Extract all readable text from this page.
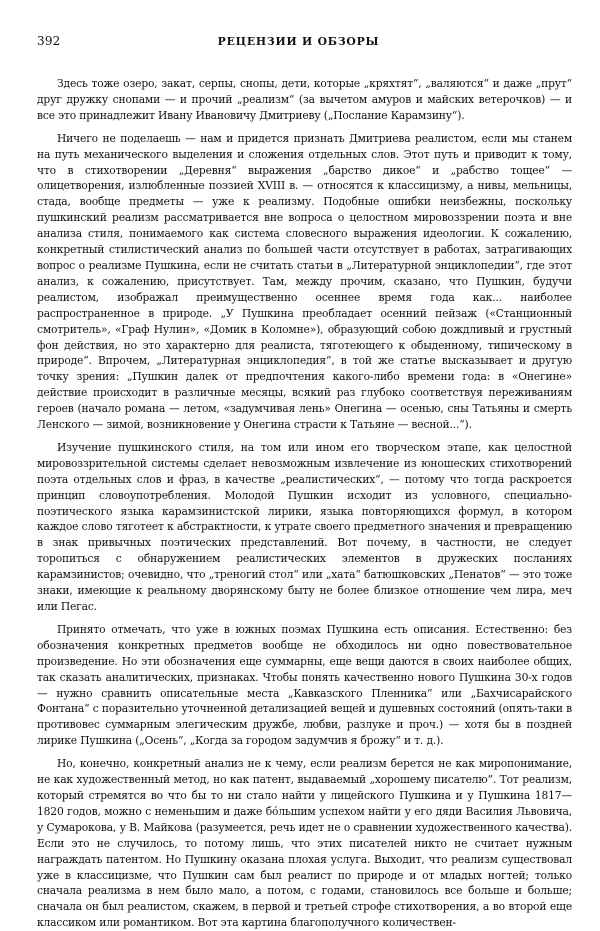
392	РЕЦЕНЗИИ И ОБЗОРЫ

Здесь тоже озеро, закат, серпы, снопы, дети, которые „кряхтят“, „валяются“ и даже „прут“ друг дружку снопами — и прочий „реализм“ (за вычетом амуров и майских ветерочков) — и все это принадлежит Ивану Ивановичу Дмитриеву („Послание Карамзину“).

Ничего не поделаешь — нам и придется признать Дмитриева реалистом, если мы станем на путь механического выделения и сложения отдельных слов. Этот путь и приводит к тому, что в стихотворении „Деревня“ выражения „барство дикое“ и „рабство тощее“ — олицетворения, излюбленные поэзией XVIII в. — относятся к классицизму, а нивы, мельницы, стада, вообще предметы — уже к реализму. Подобные ошибки неизбежны, поскольку пушкинский реализм рассматривается вне вопроса о целостном мировоззрении поэта и вне анализа стиля, понимаемого как система словесного выражения идеологии. К сожалению, конкретный стилистический анализ по большей части отсутствует в работах, затрагивающих вопрос о реализме Пушкина, если не считать статьи в „Литературной энциклопедии“, где этот анализ, к сожалению, присутствует. Там, между прочим, сказано, что Пушкин, будучи реалистом, изображал преимущественно осеннее время года как... наиболее распространенное в природе. „У Пушкина преобладает осенний пейзаж («Станционный смотритель», «Граф Нулин», «Домик в Коломне»), образующий собою дождливый и грустный фон действия, но это характерно для реалиста, тяготеющего к обыденному, типическому в природе“. Впрочем, „Литературная энциклопедия“, в той же статье высказывает и другую точку зрения: „Пушкин далек от предпочтения какого-либо времени года: в «Онегине» действие происходит в различные месяцы, всякий раз глубоко соответствуя переживаниям героев (начало романа — летом, «задумчивая лень» Онегина — осенью, сны Татьяны и смерть Ленского — зимой, возникновение у Онегина страсти к Татьяне — весной...“).

Изучение пушкинского стиля, на том или ином его творческом этапе, как целостной мировоззрительной системы сделает невозможным извлечение из юношеских стихотворений поэта отдельных слов и фраз, в качестве „реалистических“, — потому что тогда раскроется принцип словоупотребления. Молодой Пушкин исходит из условного, специально-поэтического языка карамзинистской лирики, языка повторяющихся формул, в котором каждое слово тяготеет к абстрактности, к утрате своего предметного значения и превращению в знак привычных поэтических представлений. Вот почему, в частности, не следует торопиться с обнаружением реалистических элементов в дружеских посланиях карамзинистов; очевидно, что „треногий стол“ или „хата“ батюшковских „Пенатов“ — это тоже знаки, имеющие к реальному дворянскому быту не более близкое отношение чем лира, меч или Пегас.

Принято отмечать, что уже в южных поэмах Пушкина есть описания. Естественно: без обозначения конкретных предметов вообще не обходилось ни одно повествовательное произведение. Но эти обозначения еще суммарны, еще вещи даются в своих наиболее общих, так сказать аналитических, признаках. Чтобы понять качественно нового Пушкина 30-х годов — нужно сравнить описательные места „Кавказского Пленника“ или „Бахчисарайского Фонтана“ с поразительно уточненной детализацией вещей и душевных состояний (опять-таки в противовес суммарным элегическим дружбе, любви, разлуке и проч.) — хотя бы в поздней лирике Пушкина („Осень“, „Когда за городом задумчив я брожу“ и т. д.).

Но, конечно, конкретный анализ не к чему, если реализм берется не как миропонимание, не как художественный метод, но как патент, выдаваемый „хорошему писателю“. Тот реализм, который стремятся во что бы то ни стало найти у лицейского Пушкина и у Пушкина 1817—1820 годов, можно с неменьшим и даже бо́льшим успехом найти у его дяди Василия Львовича, у Сумарокова, у В. Майкова (разумеется, речь идет не о сравнении художественного качества). Если это не случилось, то потому лишь, что этих писателей никто не считает нужным награждать патентом. Но Пушкину оказана плохая услуга. Выходит, что реализм существовал уже в классицизме, что Пушкин сам был реалист по природе и от младых ногтей; только сначала реализма в нем было мало, а потом, с годами, становилось все больше и больше; сначала он был реалистом, скажем, в первой и третьей строфе стихотворения, а во второй еще классиком или романтиком. Вот эта картина благополучного количествен-
